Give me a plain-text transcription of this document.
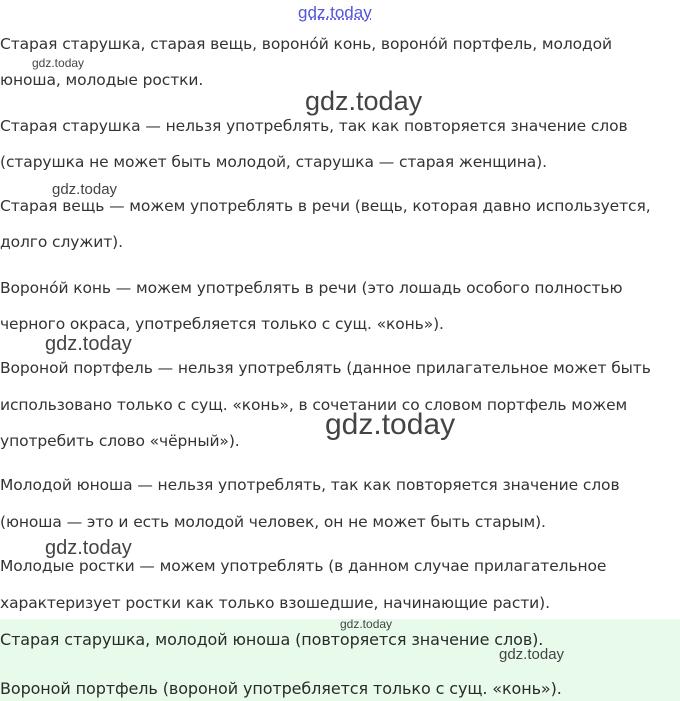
gdz.today
Старая старушка, старая вещь, вороно́й конь, вороно́й портфель, молодой
юноша, молодые ростки.
Старая старушка — нельзя употреблять, так как повторяется значение слов
(старушка не может быть молодой, старушка — старая женщина).
Старая вещь — можем употреблять в речи (вещь, которая давно используется,
долго служит).
Вороно́й конь — можем употреблять в речи (это лошадь особого полностью
черного окраса, употребляется только с сущ. «конь»).
Вороной портфель — нельзя употреблять (данное прилагательное может быть
использовано только с сущ. «конь», в сочетании со словом портфель можем
употребить слово «чёрный»).
Молодой юноша — нельзя употреблять, так как повторяется значение слов
(юноша — это и есть молодой человек, он не может быть старым).
Молодые ростки — можем употреблять (в данном случае прилагательное
характеризует ростки как только взошедшие, начинающие расти).
Старая старушка, молодой юноша (повторяется значение слов).
Вороной портфель (вороной употребляется только с сущ. «конь»).
gdz.today
gdz.today
gdz.today
gdz.today
gdz.today
gdz.today
gdz.today
gdz.today
